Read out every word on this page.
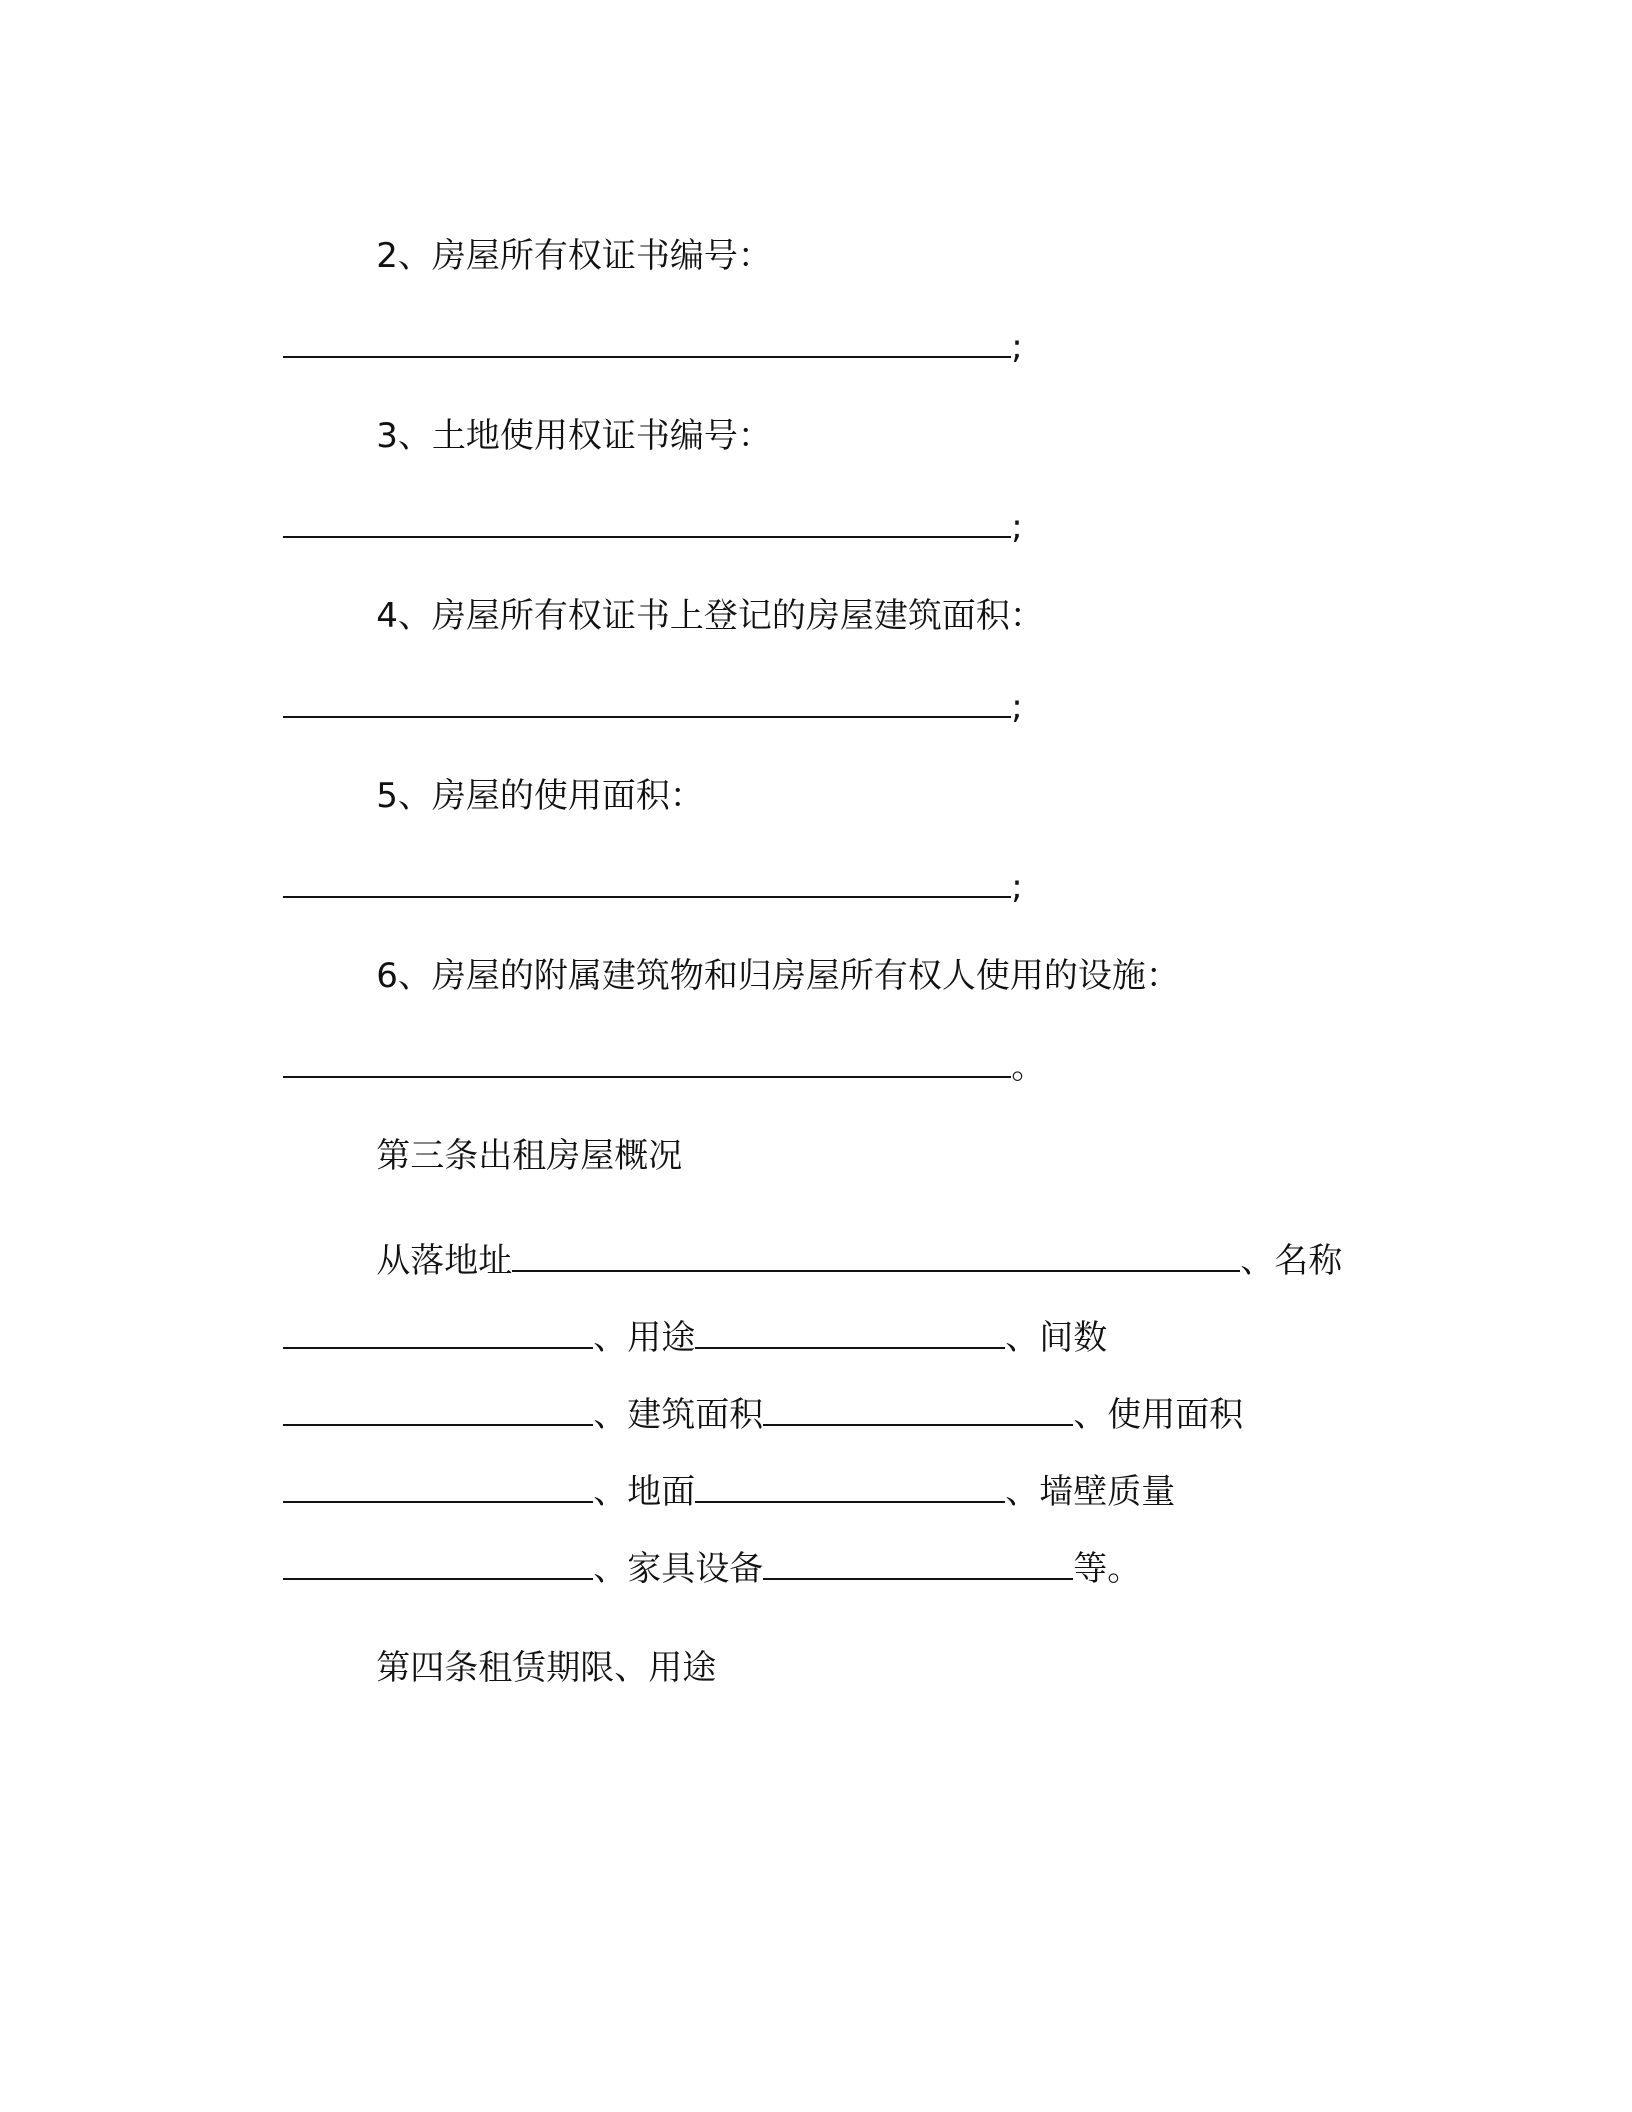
2、房屋所有权证书编号：

;

3、土地使用权证书编号：

;

4、房屋所有权证书上登记的房屋建筑面积：

;

5、房屋的使用面积：

;

6、房屋的附属建筑物和归房屋所有权人使用的设施：

。

第三条出租房屋概况

从落地址	、名称

、用途	、间数

、建筑面积	、使用面积

、地面	、墙壁质量

、家具设备	等。

第四条租赁期限、用途
